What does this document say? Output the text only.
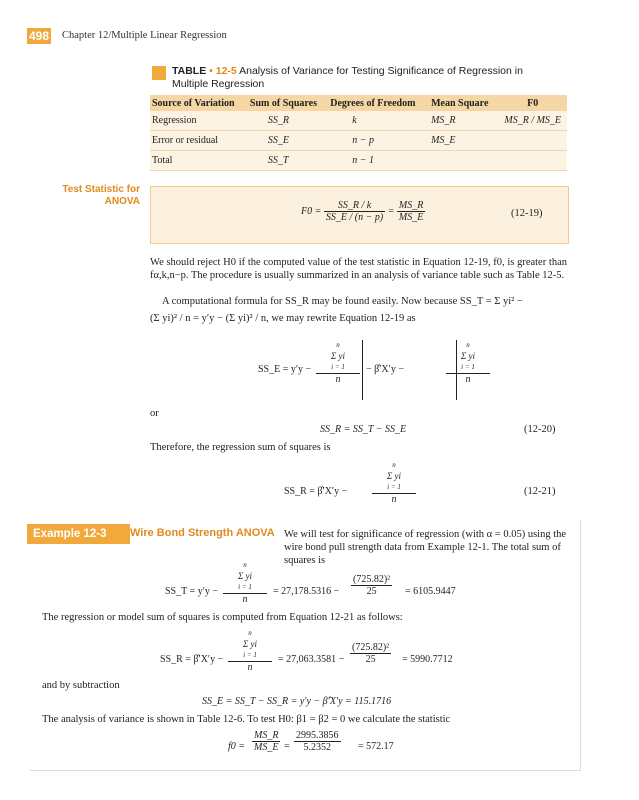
498 Chapter 12/Multiple Linear Regression
TABLE • 12-5 Analysis of Variance for Testing Significance of Regression in Multiple Regression
Source of Variation	Sum of Squares	Degrees of Freedom	Mean Square	F0
Regression	SS_R	k	MS_R	MS_R / MS_E
Error or residual	SS_E	n − p	MS_E	
Total	SS_T	n − 1		
Test Statistic for
ANOVA
$F0 = \frac{SS\_R / k}{SS\_E / (n - p)} = \frac{MS\_R}{MS\_E}$	(12-19)
We should reject H0 if the computed value of the test statistic in Equation 12-19, f0, is greater than fα,k,n−p. The procedure is usually summarized in an analysis of variance table such as Table 12-5.
A computational formula for SS_R may be found easily. Now because SS_T = Σ yi² −
(Σ yi)² / n = y′y − (Σ yi)² / n, we may rewrite Equation 12-19 as
SS_E = y′y − n
Σ yi
i = 1
n − β̂′X′y −	n
Σ yi
i = 1
n
or
SS_R = SS_T − SS_E	(12-20)
Therefore, the regression sum of squares is
SS_R = β̂′X′y −	n
Σ yi
i = 1
n	(12-21)
Example 12-3	Wire Bond Strength ANOVA We will test for significance of regression (with α = 0.05) using the wire bond pull strength data from Example 12-1. The total sum of squares is
SS_T = y′y − n
Σ yi
i = 1
$n = 27,178.5316 - \frac{\text{(725.82)²}}{25} = 6105.9447$
The regression or model sum of squares is computed from Equation 12-21 as follows:
SS_R = β̂′X′y − n
Σ yi
i = 1
$n = 27,063.3581 - \frac{\text{(725.82)²}}{25} = 5990.7712$
and by subtraction
SS_E = SS_T − SS_R = y′y − β̂′X′y = 115.1716
The analysis of variance is shown in Table 12-6. To test H0: β1 = β2 = 0 we calculate the statistic
$f0 = \frac{MS\_R}{MS\_E} = \frac{2995.3856}{5.2352} = 572.17$
